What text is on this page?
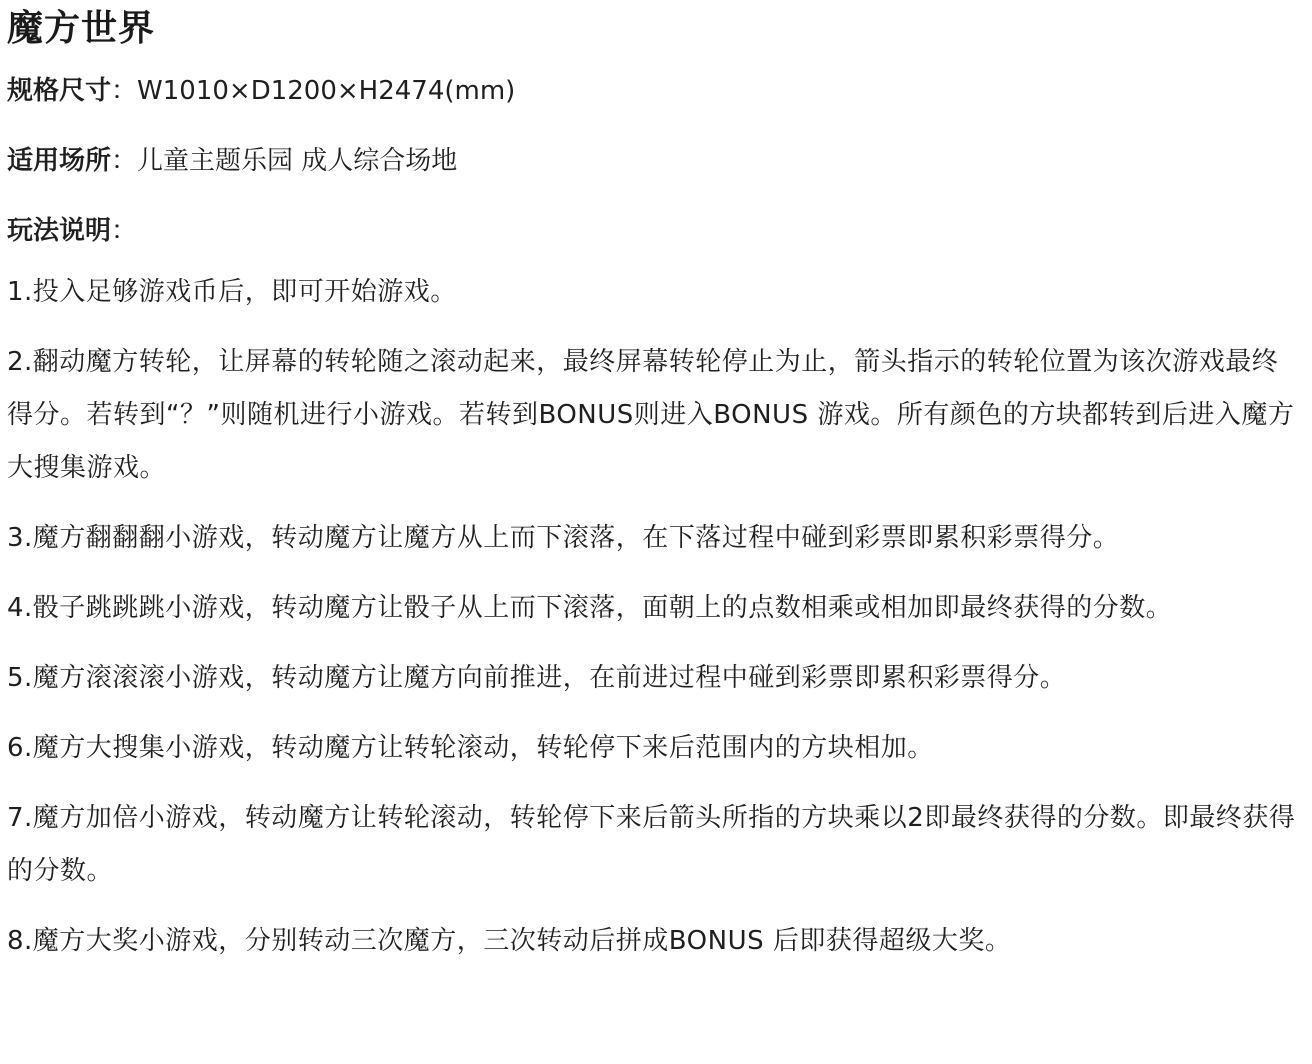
魔方世界

规格尺寸：W1010×D1200×H2474(mm)

适用场所：儿童主题乐园 成人综合场地

玩法说明：

1.投入足够游戏币后，即可开始游戏。
2.翻动魔方转轮，让屏幕的转轮随之滚动起来，最终屏幕转轮停止为止，箭头指示的转轮位置为该次游戏最终得分。若转到“？”则随机进行小游戏。若转到BONUS则进入BONUS 游戏。所有颜色的方块都转到后进入魔方大搜集游戏。
3.魔方翻翻翻小游戏，转动魔方让魔方从上而下滚落，在下落过程中碰到彩票即累积彩票得分。
4.骰子跳跳跳小游戏，转动魔方让骰子从上而下滚落，面朝上的点数相乘或相加即最终获得的分数。
5.魔方滚滚滚小游戏，转动魔方让魔方向前推进，在前进过程中碰到彩票即累积彩票得分。
6.魔方大搜集小游戏，转动魔方让转轮滚动，转轮停下来后范围内的方块相加。
7.魔方加倍小游戏，转动魔方让转轮滚动，转轮停下来后箭头所指的方块乘以2即最终获得的分数。即最终获得的分数。
8.魔方大奖小游戏，分别转动三次魔方，三次转动后拼成BONUS 后即获得超级大奖。
